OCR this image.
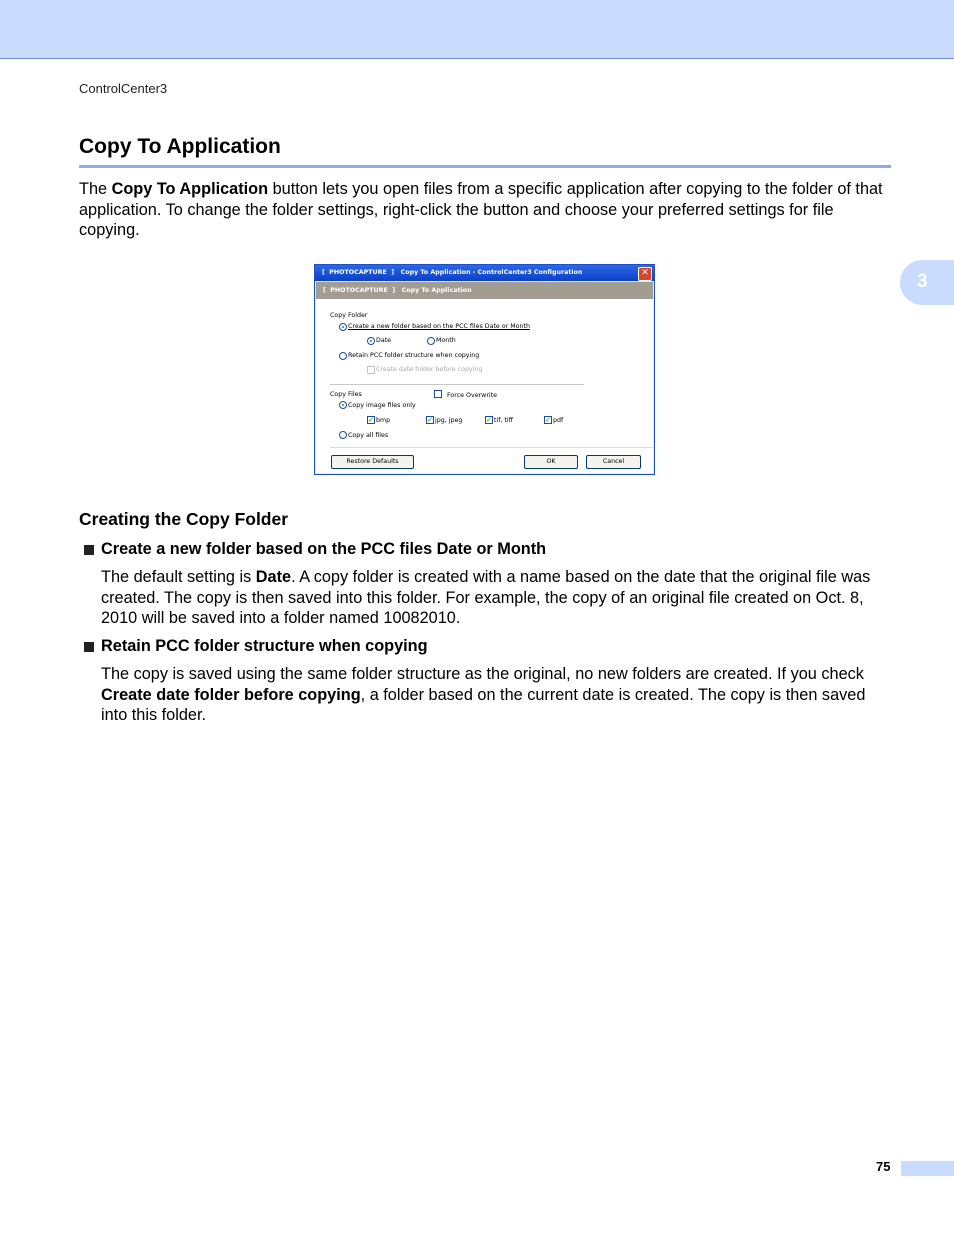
ControlCenter3
Copy To Application
The Copy To Application button lets you open files from a specific application after copying to the folder of that application. To change the folder settings, right-click the button and choose your preferred settings for file copying.
3
[  PHOTOCAPTURE  ]   Copy To Application - ControlCenter3 Configuration	✕
[  PHOTOCAPTURE  ]   Copy To Application
Copy Folder
Create a new folder based on the PCC files Date or Month
Date	Month
Retain PCC folder structure when copying
Create date folder before copying
Copy Files	Force Overwrite
Copy image files only
✓ bmp	✓ jpg, jpeg	✓ tif, tiff	✓ pdf
Copy all files
Restore Defaults	OK	Cancel
Creating the Copy Folder
Create a new folder based on the PCC files Date or Month
The default setting is Date. A copy folder is created with a name based on the date that the original file was created. The copy is then saved into this folder. For example, the copy of an original file created on Oct. 8, 2010 will be saved into a folder named 10082010.
Retain PCC folder structure when copying
The copy is saved using the same folder structure as the original, no new folders are created. If you check Create date folder before copying, a folder based on the current date is created. The copy is then saved into this folder.
75
